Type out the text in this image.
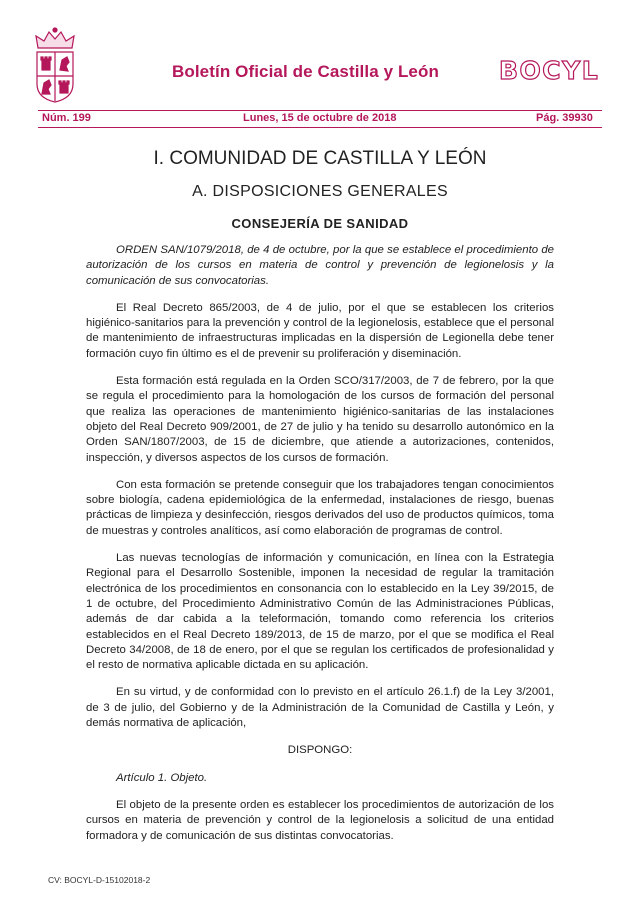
Boletín Oficial de Castilla y León BOCYL
Núm. 199	Lunes, 15 de octubre de 2018	Pág. 39930
I. COMUNIDAD DE CASTILLA Y LEÓN
A. DISPOSICIONES GENERALES
CONSEJERÍA DE SANIDAD

ORDEN SAN/1079/2018, de 4 de octubre, por la que se establece el procedimiento de autorización de los cursos en materia de control y prevención de legionelosis y la comunicación de sus convocatorias.

El Real Decreto 865/2003, de 4 de julio, por el que se establecen los criterios higiénico-sanitarios para la prevención y control de la legionelosis, establece que el personal de mantenimiento de infraestructuras implicadas en la dispersión de Legionella debe tener formación cuyo fin último es el de prevenir su proliferación y diseminación.

Esta formación está regulada en la Orden SCO/317/2003, de 7 de febrero, por la que se regula el procedimiento para la homologación de los cursos de formación del personal que realiza las operaciones de mantenimiento higiénico-sanitarias de las instalaciones objeto del Real Decreto 909/2001, de 27 de julio y ha tenido su desarrollo autonómico en la Orden SAN/1807/2003, de 15 de diciembre, que atiende a autorizaciones, contenidos, inspección, y diversos aspectos de los cursos de formación.

Con esta formación se pretende conseguir que los trabajadores tengan conocimientos sobre biología, cadena epidemiológica de la enfermedad, instalaciones de riesgo, buenas prácticas de limpieza y desinfección, riesgos derivados del uso de productos químicos, toma de muestras y controles analíticos, así como elaboración de programas de control.

Las nuevas tecnologías de información y comunicación, en línea con la Estrategia Regional para el Desarrollo Sostenible, imponen la necesidad de regular la tramitación electrónica de los procedimientos en consonancia con lo establecido en la Ley 39/2015, de 1 de octubre, del Procedimiento Administrativo Común de las Administraciones Públicas, además de dar cabida a la teleformación, tomando como referencia los criterios establecidos en el Real Decreto 189/2013, de 15 de marzo, por el que se modifica el Real Decreto 34/2008, de 18 de enero, por el que se regulan los certificados de profesionalidad y el resto de normativa aplicable dictada en su aplicación.

En su virtud, y de conformidad con lo previsto en el artículo 26.1.f) de la Ley 3/2001, de 3 de julio, del Gobierno y de la Administración de la Comunidad de Castilla y León, y demás normativa de aplicación,

DISPONGO:

Artículo 1. Objeto.

El objeto de la presente orden es establecer los procedimientos de autorización de los cursos en materia de prevención y control de la legionelosis a solicitud de una entidad formadora y de comunicación de sus distintas convocatorias.

CV: BOCYL-D-15102018-2
